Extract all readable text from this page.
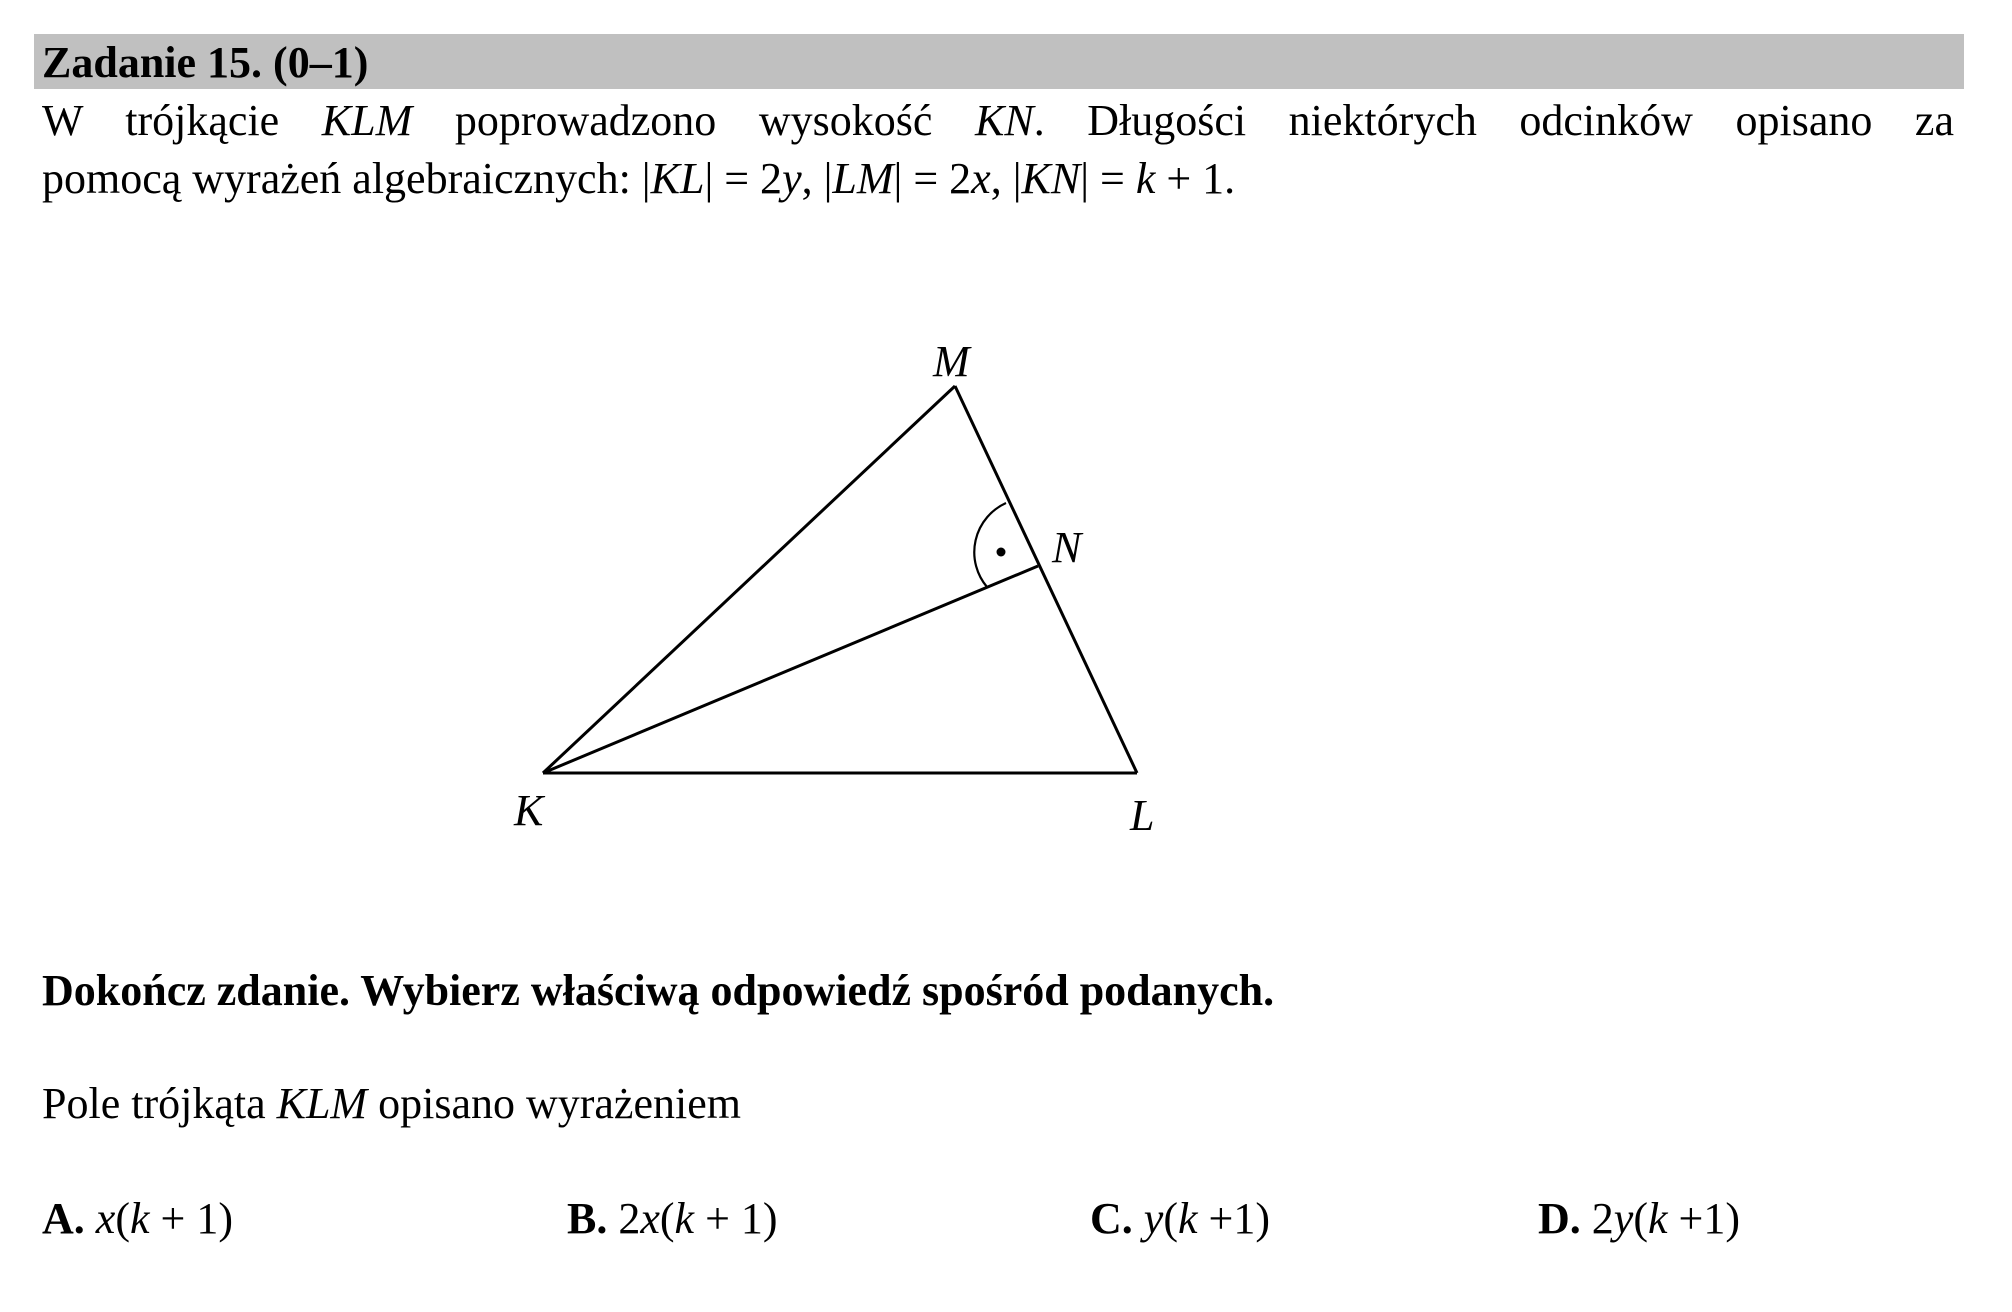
Zadanie 15. (0–1)
W trójkącie KLM poprowadzono wysokość KN. Długości niektórych odcinków opisano za
pomocą wyrażeń algebraicznych: |KL| = 2y, |LM| = 2x, |KN| = k + 1.
M
N
K	L
Dokończ zdanie. Wybierz właściwą odpowiedź spośród podanych.
Pole trójkąta KLM opisano wyrażeniem
A. x(k + 1)	B. 2x(k + 1)	C. y(k +1)	D. 2y(k +1)
